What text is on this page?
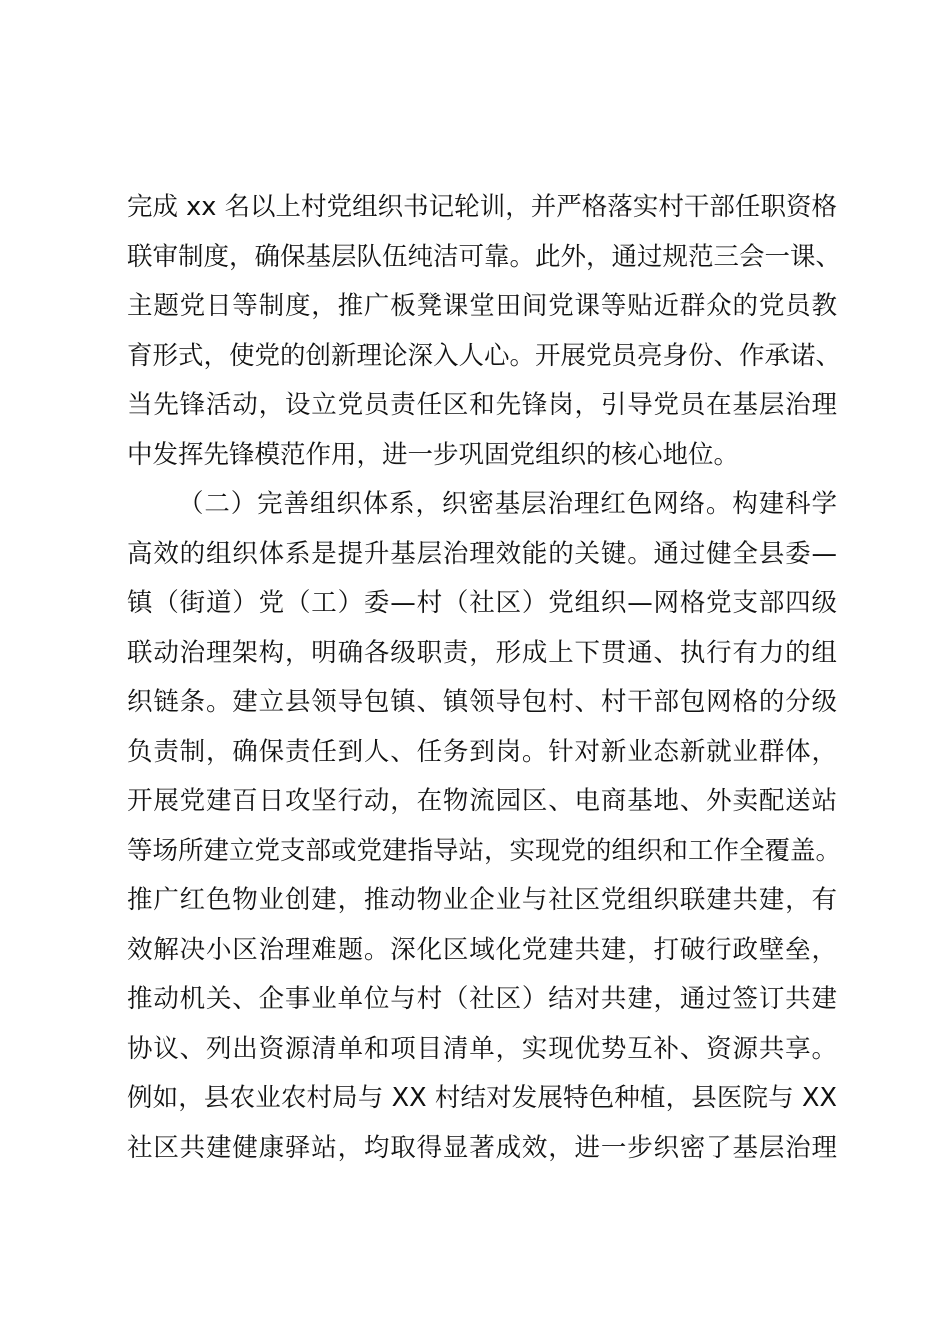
完成 xx 名以上村党组织书记轮训，并严格落实村干部任职资格
联审制度，确保基层队伍纯洁可靠。此外，通过规范三会一课、
主题党日等制度，推广板凳课堂田间党课等贴近群众的党员教
育形式，使党的创新理论深入人心。开展党员亮身份、作承诺、
当先锋活动，设立党员责任区和先锋岗，引导党员在基层治理
中发挥先锋模范作用，进一步巩固党组织的核心地位。
（二）完善组织体系，织密基层治理红色网络。构建科学
高效的组织体系是提升基层治理效能的关键。通过健全县委—
镇（街道）党（工）委—村（社区）党组织—网格党支部四级
联动治理架构，明确各级职责，形成上下贯通、执行有力的组
织链条。建立县领导包镇、镇领导包村、村干部包网格的分级
负责制，确保责任到人、任务到岗。针对新业态新就业群体，
开展党建百日攻坚行动，在物流园区、电商基地、外卖配送站
等场所建立党支部或党建指导站，实现党的组织和工作全覆盖。
推广红色物业创建，推动物业企业与社区党组织联建共建，有
效解决小区治理难题。深化区域化党建共建，打破行政壁垒，
推动机关、企事业单位与村（社区）结对共建，通过签订共建
协议、列出资源清单和项目清单，实现优势互补、资源共享。
例如，县农业农村局与 XX 村结对发展特色种植，县医院与 XX
社区共建健康驿站，均取得显著成效，进一步织密了基层治理
